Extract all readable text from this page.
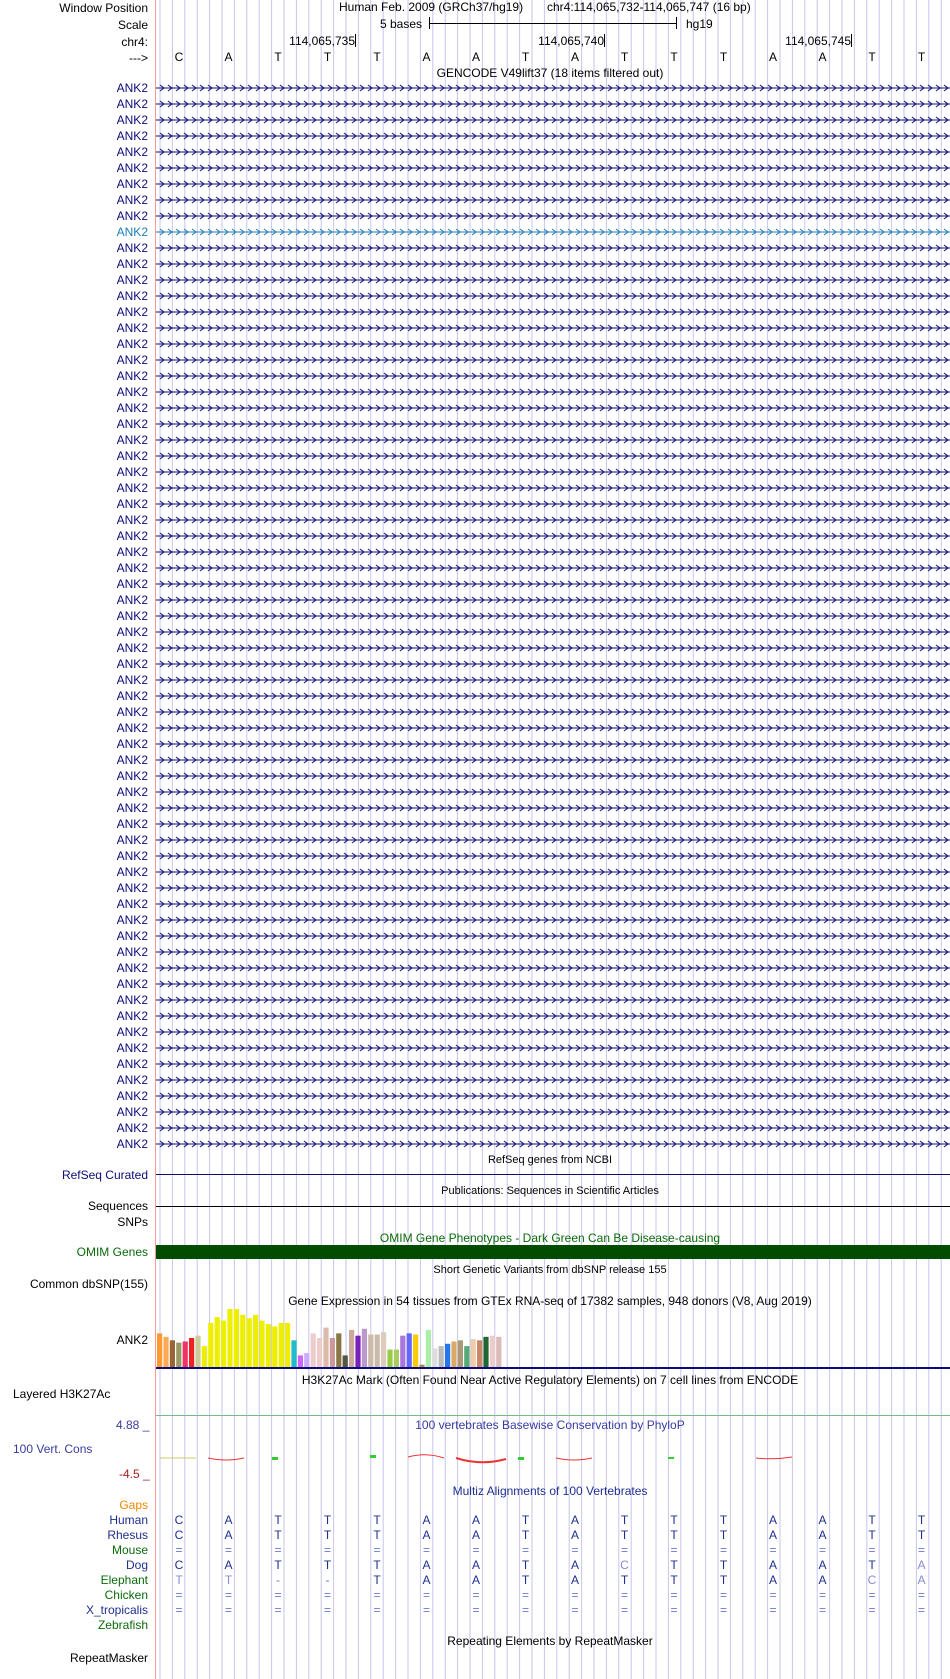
Window Position	Human Feb. 2009 (GRCh37/hg19) chr4:114,065,732-114,065,747 (16 bp)
Scale	5 bases	hg19
chr4:	114,065,735	114,065,740	114,065,745
--->	C	A	T	T	T	A	A	T	A	T	T	T	A	A	T	T
GENCODE V49lift37 (18 items filtered out)
ANK2
ANK2
ANK2
ANK2
ANK2
ANK2
ANK2
ANK2
ANK2
ANK2
ANK2
ANK2
ANK2
ANK2
ANK2
ANK2
ANK2
ANK2
ANK2
ANK2
ANK2
ANK2
ANK2
ANK2
ANK2
ANK2
ANK2
ANK2
ANK2
ANK2
ANK2
ANK2
ANK2
ANK2
ANK2
ANK2
ANK2
ANK2
ANK2
ANK2
ANK2
ANK2
ANK2
ANK2
ANK2
ANK2
ANK2
ANK2
ANK2
ANK2
ANK2
ANK2
ANK2
ANK2
ANK2
ANK2
ANK2
ANK2
ANK2
ANK2
ANK2
ANK2
ANK2
ANK2
ANK2
ANK2
ANK2
RefSeq genes from NCBI
RefSeq Curated
Publications: Sequences in Scientific Articles
Sequences
SNPs
OMIM Gene Phenotypes - Dark Green Can Be Disease-causing
OMIM Genes
Short Genetic Variants from dbSNP release 155
Common dbSNP(155)
Gene Expression in 54 tissues from GTEx RNA-seq of 17382 samples, 948 donors (V8, Aug 2019)
ANK2
H3K27Ac Mark (Often Found Near Active Regulatory Elements) on 7 cell lines from ENCODE
Layered H3K27Ac
100 vertebrates Basewise Conservation by PhyloP
4.88 _
100 Vert. Cons
-4.5 _
Multiz Alignments of 100 Vertebrates
Gaps
Human	C	A	T	T	T	A	A	T	A	T	T	T	A	A	T	T
Rhesus	C	A	T	T	T	A	A	T	A	T	T	T	A	A	T	T
Mouse	=	=	=	=	=	=	=	=	=	=	=	=	=	=	=	=
Dog	C	A	T	T	T	A	A	T	A	C	T	T	A	A	T	A
Elephant	T	T	-	-	T	A	A	T	A	T	T	T	A	A	C	A
Chicken	=	=	=	=	=	=	=	=	=	=	=	=	=	=	=	=
X_tropicalis	=	=	=	=	=	=	=	=	=	=	=	=	=	=	=	=
Zebrafish
Repeating Elements by RepeatMasker
RepeatMasker
